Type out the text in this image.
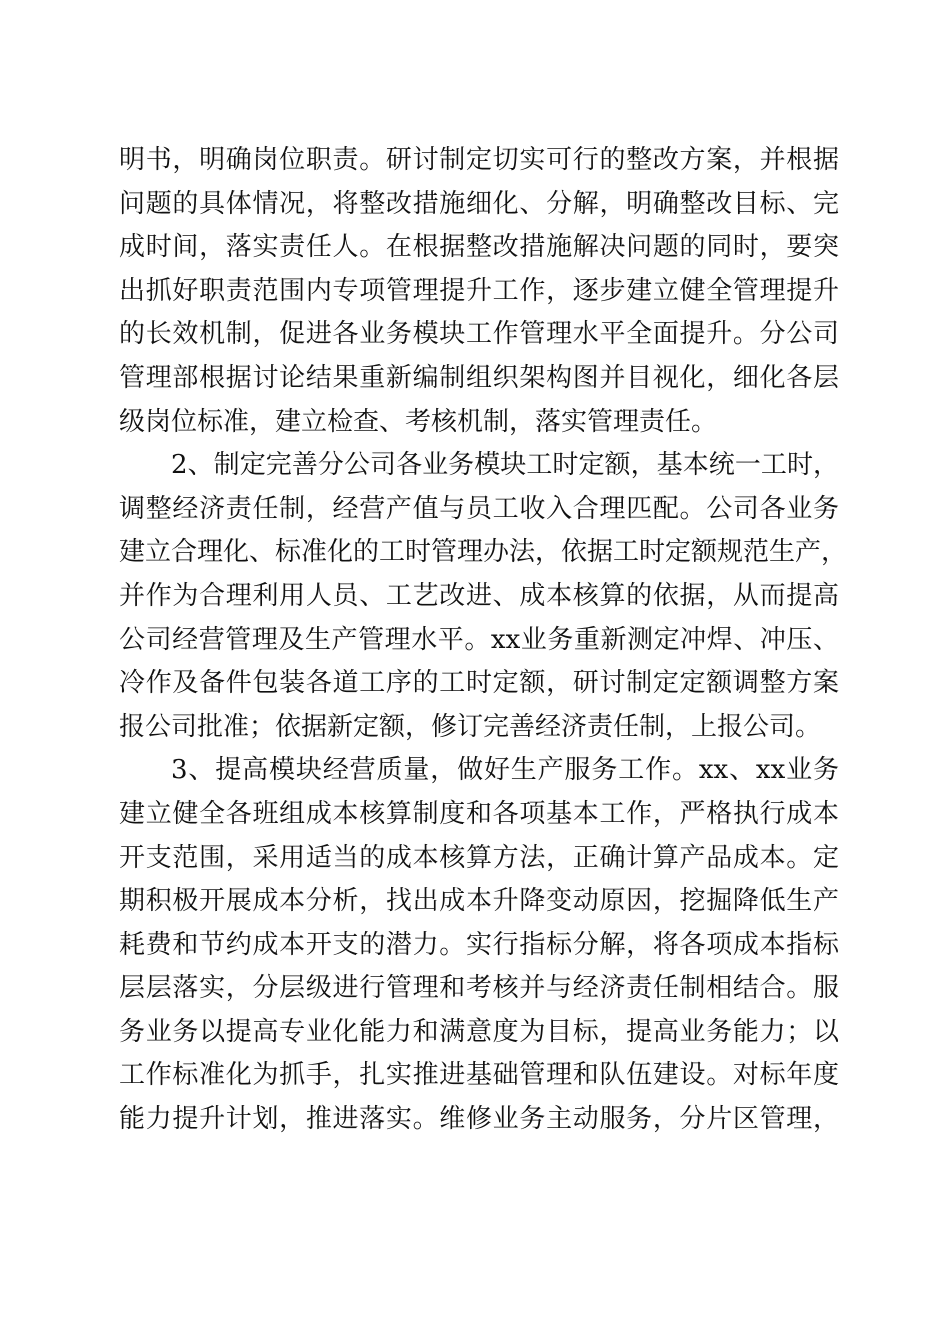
明书，明确岗位职责。研讨制定切实可行的整改方案，并根据
问题的具体情况，将整改措施细化、分解，明确整改目标、完
成时间，落实责任人。在根据整改措施解决问题的同时，要突
出抓好职责范围内专项管理提升工作，逐步建立健全管理提升
的长效机制，促进各业务模块工作管理水平全面提升。分公司
管理部根据讨论结果重新编制组织架构图并目视化，细化各层
级岗位标准，建立检查、考核机制，落实管理责任。
2、制定完善分公司各业务模块工时定额，基本统一工时，
调整经济责任制，经营产值与员工收入合理匹配。公司各业务
建立合理化、标准化的工时管理办法，依据工时定额规范生产，
并作为合理利用人员、工艺改进、成本核算的依据，从而提高
公司经营管理及生产管理水平。xx业务重新测定冲焊、冲压、
冷作及备件包装各道工序的工时定额，研讨制定定额调整方案
报公司批准；依据新定额，修订完善经济责任制，上报公司。
3、提高模块经营质量，做好生产服务工作。xx、xx业务
建立健全各班组成本核算制度和各项基本工作，严格执行成本
开支范围，采用适当的成本核算方法，正确计算产品成本。定
期积极开展成本分析，找出成本升降变动原因，挖掘降低生产
耗费和节约成本开支的潜力。实行指标分解，将各项成本指标
层层落实，分层级进行管理和考核并与经济责任制相结合。服
务业务以提高专业化能力和满意度为目标，提高业务能力；以
工作标准化为抓手，扎实推进基础管理和队伍建设。对标年度
能力提升计划，推进落实。维修业务主动服务，分片区管理，
